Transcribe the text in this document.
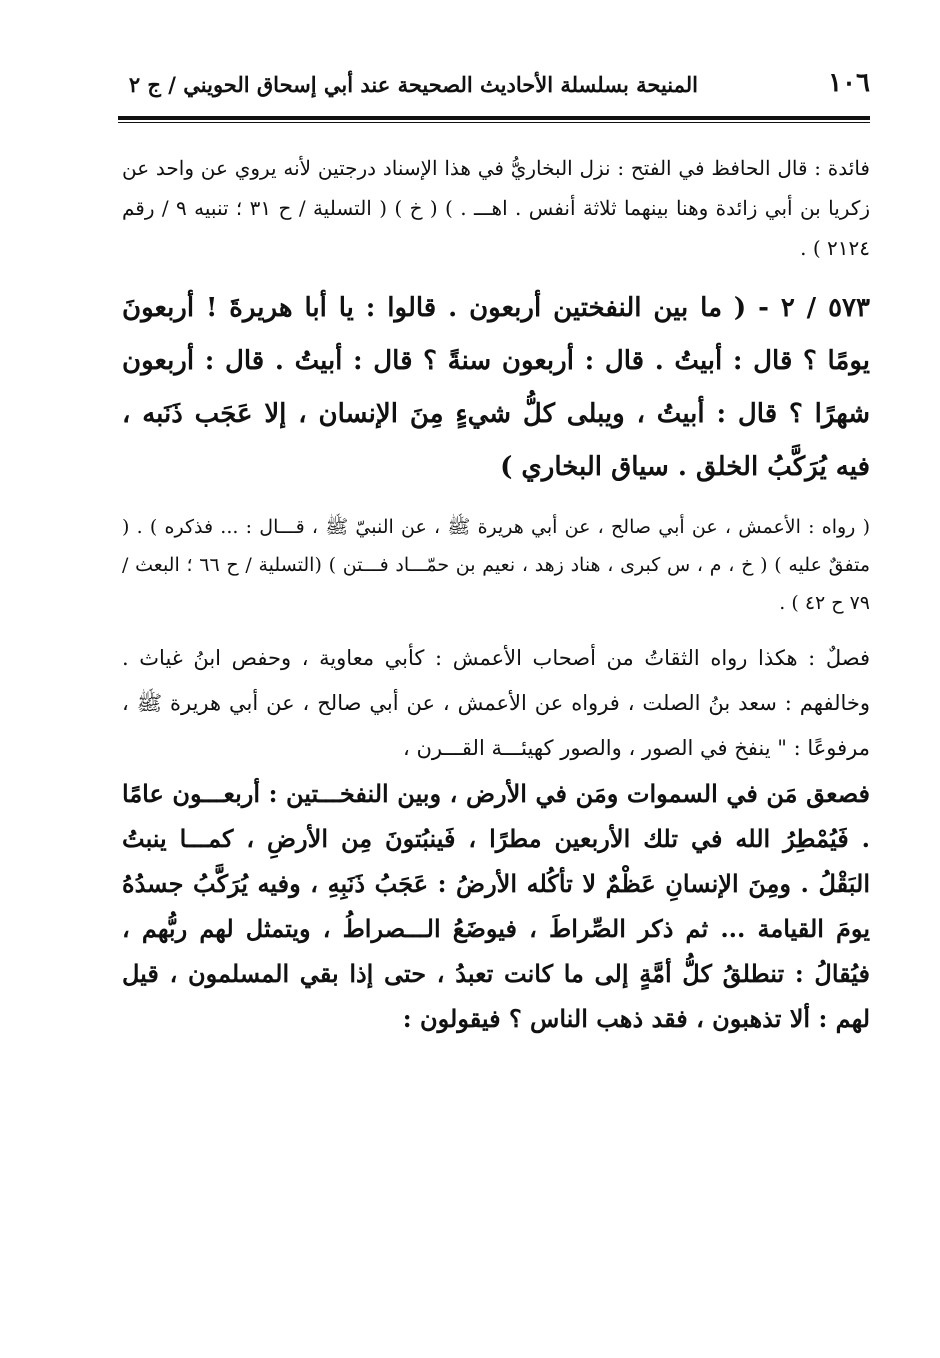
١٠٦
المنيحة بسلسلة الأحاديث الصحيحة عند أبي إسحاق الحويني / ج ٢

فائدة : قال الحافظ في الفتح : نزل البخاريُّ في هذا الإسناد درجتين لأنه يروي عن واحد عن زكريا بن أبي زائدة وهنا بينهما ثلاثة أنفس . اهـــ . ) ( خ ) ( التسلية / ح ٣١ ؛ تنبيه ٩ / رقم ٢١٢٤ ) .

٥٧٣ / ٢ - ( ما بين النفختين أربعون . قالوا : يا أبا هريرةَ ! أربعونَ يومًا ؟ قال : أبيتُ . قال : أربعون سنةً ؟ قال : أبيتُ . قال : أربعون شهرًا ؟ قال : أبيتُ ، ويبلى كلُّ شيءٍ مِنَ الإنسان ، إلا عَجَب ذَنَبه ، فيه يُرَكَّبُ الخلق . سياق البخاري )

( رواه : الأعمش ، عن أبي صالح ، عن أبي هريرة ﷺ ، عن النبيّ ﷺ ، قـــال : ... فذكره ) . ( متفقٌ عليه ) ( خ ، م ، س كبرى ، هناد زهد ، نعيم بن حمّـــاد فـــتن ) (التسلية / ح ٦٦ ؛ البعث / ٧٩ ح ٤٢ ) .

فصلٌ : هكذا رواه الثقاتُ من أصحاب الأعمش : كأبي معاوية ، وحفص ابنُ غياث . وخالفهم : سعد بنُ الصلت ، فرواه عن الأعمش ، عن أبي صالح ، عن أبي هريرة ﷺ ، مرفوعًا : " ينفخ في الصور ، والصور كهيئـــة القـــرن ،

فصعق مَن في السموات ومَن في الأرض ، وبين النفخـــتين : أربعـــون عامًا . فَيُمْطِرُ الله في تلك الأربعين مطرًا ، فَينبُتونَ مِن الأرضِ ، كمـــا ينبتُ البَقْلُ . ومِنَ الإنسانِ عَظْمٌ لا تأكُله الأرضُ : عَجَبُ ذَنَبِهِ ، وفيه يُرَكَّبُ جسدُهُ يومَ القيامة ... ثم ذكر الصِّراطَ ، فيوضَعُ الـــصراطُ ، ويتمثل لهم ربُّهم ، فيُقالُ : تنطلقُ كلُّ أمَّةٍ إلى ما كانت تعبدُ ، حتى إذا بقي المسلمون ، قيل لهم : ألا تذهبون ، فقد ذهب الناس ؟ فيقولون :
